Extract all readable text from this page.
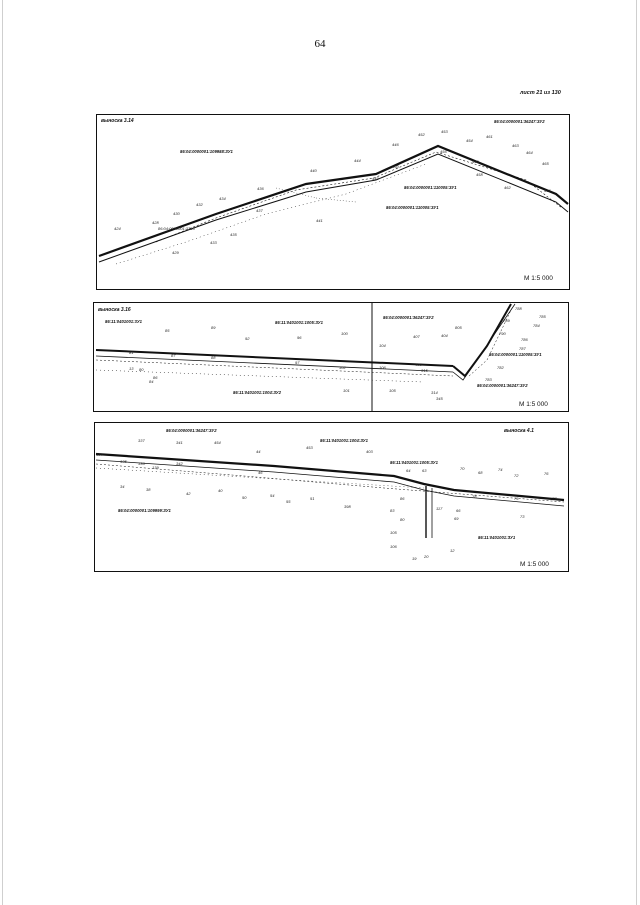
64
лист 21 из 130
выноска 3.14	86:04:0000001:36247:ЗУ2
86:04:0000001:109988:ЗУ1
86:04:0000001:110005:ЗУ1
86:04:0000001:110005:ЗУ1
86:04:0000001:3396
424
429
428
430
432
433
434
435
436
437
440
441
444
446
449
450
452
453
454
456
458
460
461
462
463
464
465
466
М 1:5 000
выноска 3.16
86:11:0401001:3У1	86:11:0401001:1005:ЗУ1
86:11:0401001:1004:ЗУ2
86:04:0000001:36247:ЗУ2
86:04:0000001:110005:ЗУ1
86:04:0000001:36247:ЗУ2
81
85
89
87	88
92	96
97
100
102
101
13 80
84
86
104
105
106
407
403
404
805
315
314
345
788
785
789
790
784
786
787
782
783
М 1:5 000
выноска 4.1
86:04:0000001:36247:ЗУ2
86:11:0401001:1004:ЗУ1
86:11:0401001:1005:ЗУ1
86:04:0000001:109999:ЗУ1
86:11:0401001:ЗУ1
337	341	454
453
44	403
134
135	136
139
342
34
38
42
40
46
50	54
55
51
398
64	63	70
68
74
72	76
75	77
78
86
106
105
80
83	117
19 20
12
69	73
66
М 1:5 000
